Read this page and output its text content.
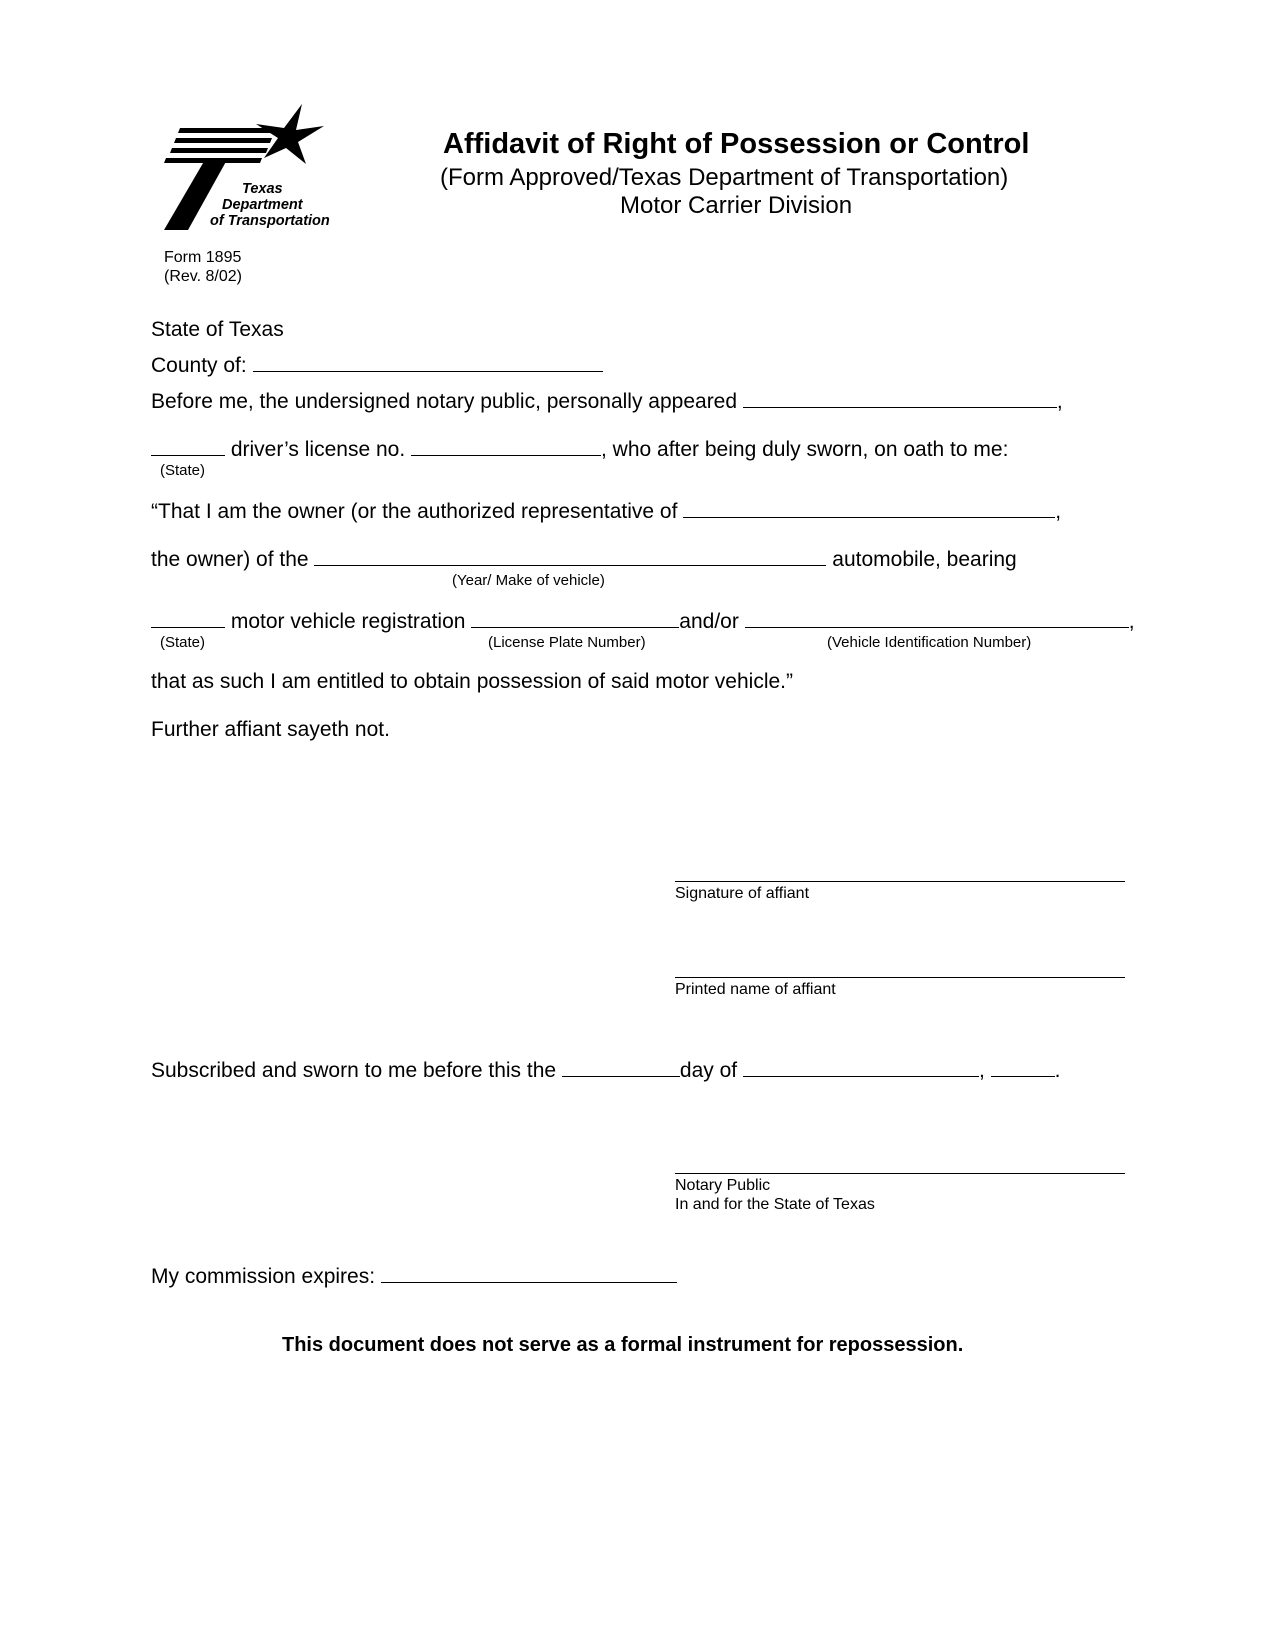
Texas
Department
of Transportation
Affidavit of Right of Possession or Control
(Form Approved/Texas Department of Transportation)
Motor Carrier Division
Form 1895
(Rev. 8/02)
State of Texas
County of:
Before me, the undersigned notary public, personally appeared	,
driver’s license no.	, who after being duly sworn, on oath to me:
(State)
“That I am the owner (or the authorized representative of	,
the owner) of the	automobile, bearing
(Year/ Make of vehicle)
motor vehicle registration	and/or	,
(State)	(License Plate Number)	(Vehicle Identification Number)
that as such I am entitled to obtain possession of said motor vehicle.”
Further affiant sayeth not.
Signature of affiant
Printed name of affiant
Subscribed and sworn to me before this the	day of	,	.
Notary Public
In and for the State of Texas
My commission expires:
This document does not serve as a formal instrument for repossession.
